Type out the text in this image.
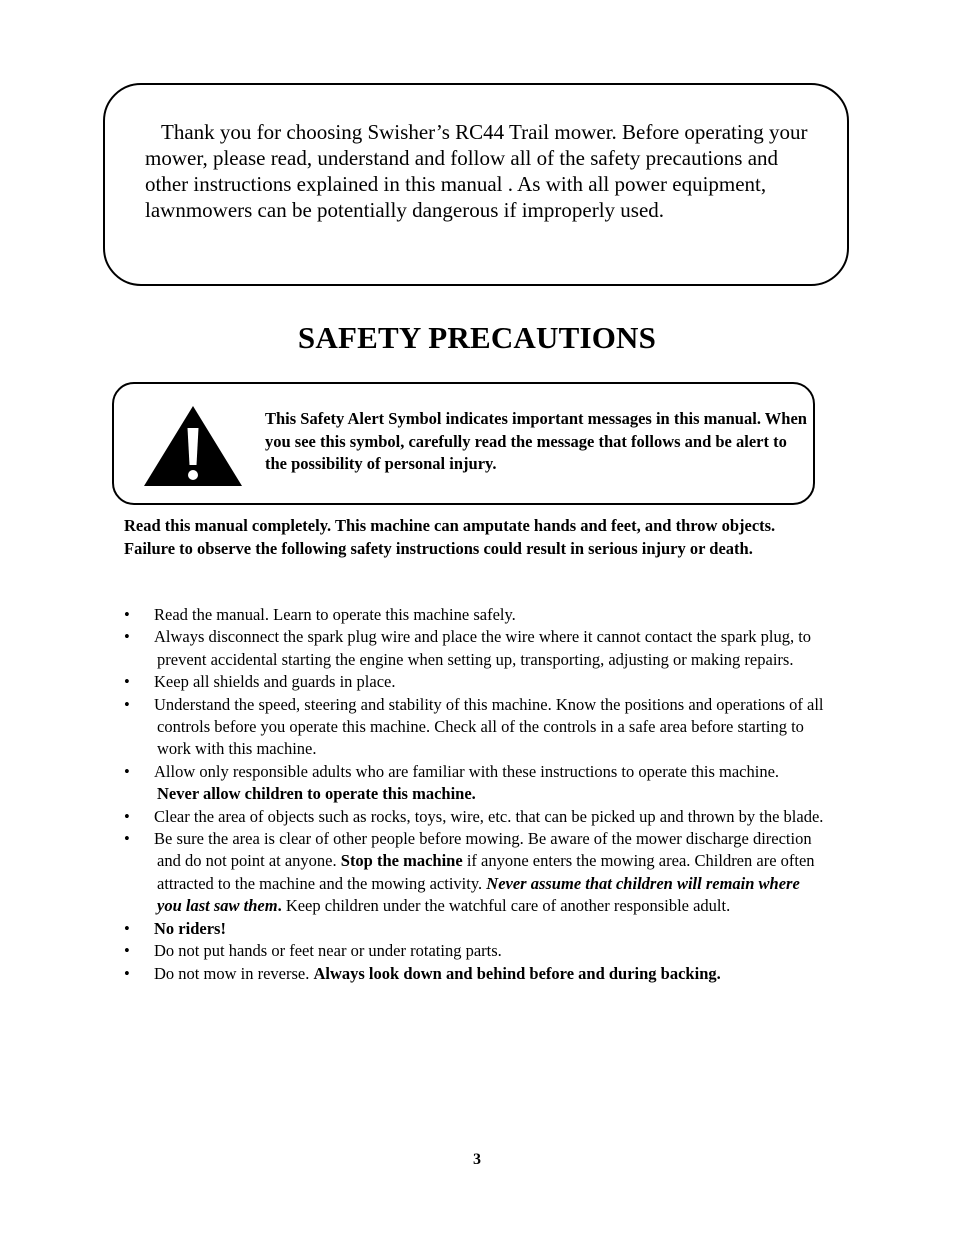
Thank you for choosing Swisher’s RC44 Trail mower. Before operating your mower, please read, understand and follow all of the safety precautions and other instructions explained in this manual . As with all power equipment, lawnmowers can be potentially dangerous if improperly used.

SAFETY PRECAUTIONS

This Safety Alert Symbol indicates important messages in this manual. When you see this symbol, carefully read the message that follows and be alert to the possibility of personal injury.

Read this manual completely. This machine can amputate hands and feet, and throw objects. Failure to observe the following safety instructions could result in serious injury or death.

•	Read the manual. Learn to operate this machine safely.
•	Always disconnect the spark plug wire and place the wire where it cannot contact the spark plug, to prevent accidental starting the engine when setting up, transporting, adjusting or making repairs.
•	Keep all shields and guards in place.
•	Understand the speed, steering and stability of this machine. Know the positions and operations of all controls before you operate this machine. Check all of the controls in a safe area before starting to work with this machine.
•	Allow only responsible adults who are familiar with these instructions to operate this machine. Never allow children to operate this machine.
•	Clear the area of objects such as rocks, toys, wire, etc. that can be picked up and thrown by the blade.
•	Be sure the area is clear of other people before mowing. Be aware of the mower discharge direction and do not point at anyone. Stop the machine if anyone enters the mowing area. Children are often attracted to the machine and the mowing activity. Never assume that children will remain where you last saw them. Keep children under the watchful care of another responsible adult.
•	No riders!
•	Do not put hands or feet near or under rotating parts.
•	Do not mow in reverse. Always look down and behind before and during backing.
3
